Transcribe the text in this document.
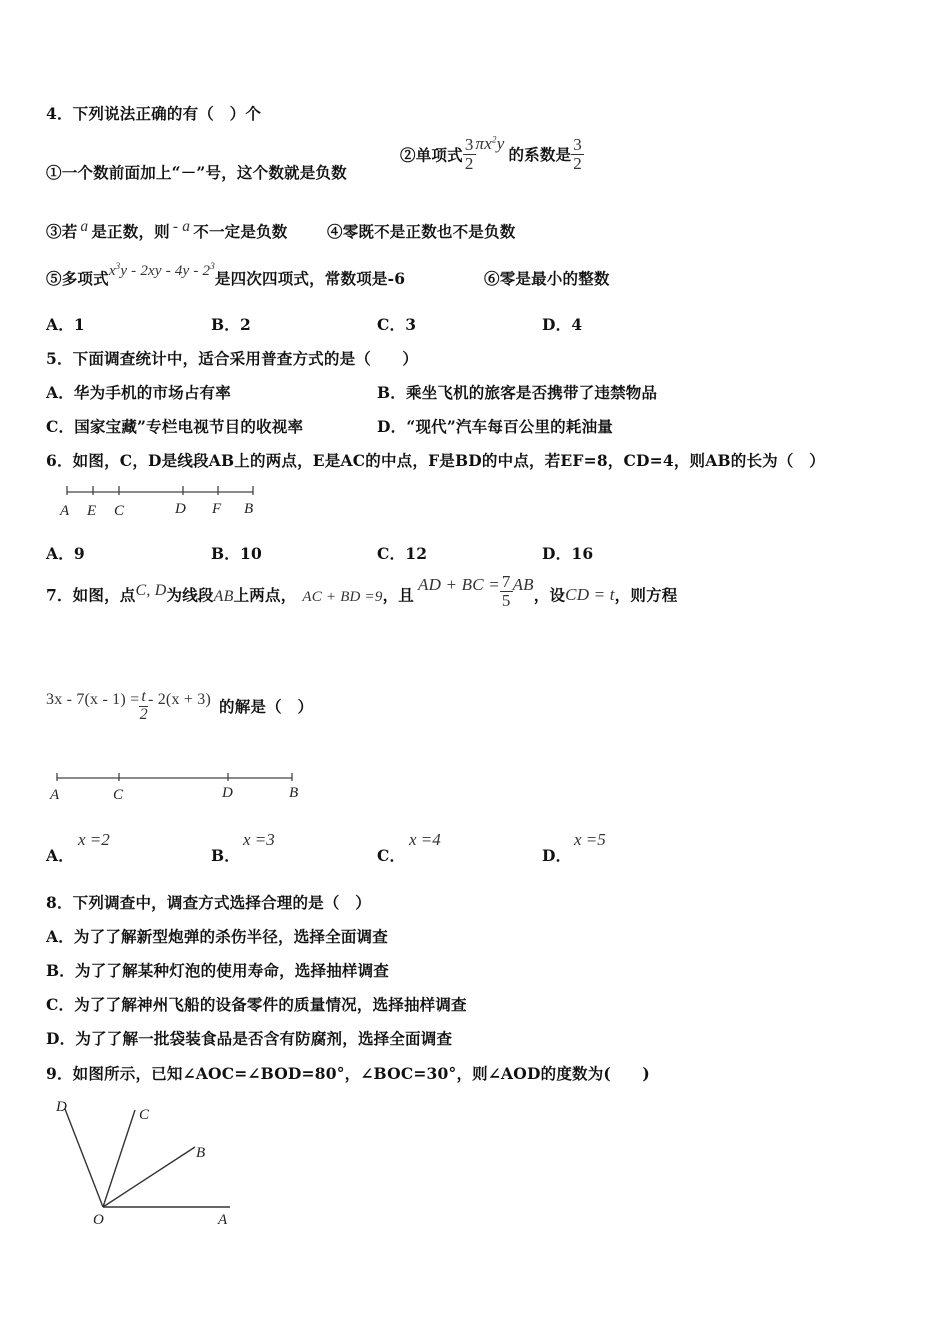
4．下列说法正确的有（　）个
①一个数前面加上“－”号，这个数就是负数
②单项式 $\frac{3}{2} \pi x^2y$的系数是 $\frac{3}{2}$
③若 a 是正数，则 - a 不一定是负数	④零既不是正数也不是负数
⑤多项式$x^3y - 2xy - 4y - 2^3$是四次四项式，常数项是-6	⑥零是最小的整数
A．1	B．2	C．3	D．4
5．下面调查统计中，适合采用普查方式的是（　　）
A．华为手机的市场占有率	B．乘坐飞机的旅客是否携带了违禁物品
C．国家宝藏”专栏电视节目的收视率	D．“现代”汽车每百公里的耗油量
6．如图，C，D是线段AB上的两点，E是AC的中点，F是BD的中点，若EF=8，CD=4，则AB的长为（　）
A E C	D F B
A．9	B．10	C．12	D．16
7．如图，点C, D为线段AB上两点， AC + BD =9，且AD + BC = $\frac{7}{5}$ AB，设CD = t，则方程
$3x - 7(x - 1) = \frac{t}{2} - 2(x + 3)$ 的解是（　）
A	C	D	B
A．
x =2
B．
x =3
C．
x =4
D．
x =5
8．下列调查中，调查方式选择合理的是（　）
A．为了了解新型炮弹的杀伤半径，选择全面调查
B．为了了解某种灯泡的使用寿命，选择抽样调查
C．为了了解神州飞船的设备零件的质量情况，选择抽样调查
D．为了了解一批袋装食品是否含有防腐剂，选择全面调查
9．如图所示，已知∠AOC=∠BOD=80°，∠BOC=30°，则∠AOD的度数为(　　)
D	C
B
O	A
